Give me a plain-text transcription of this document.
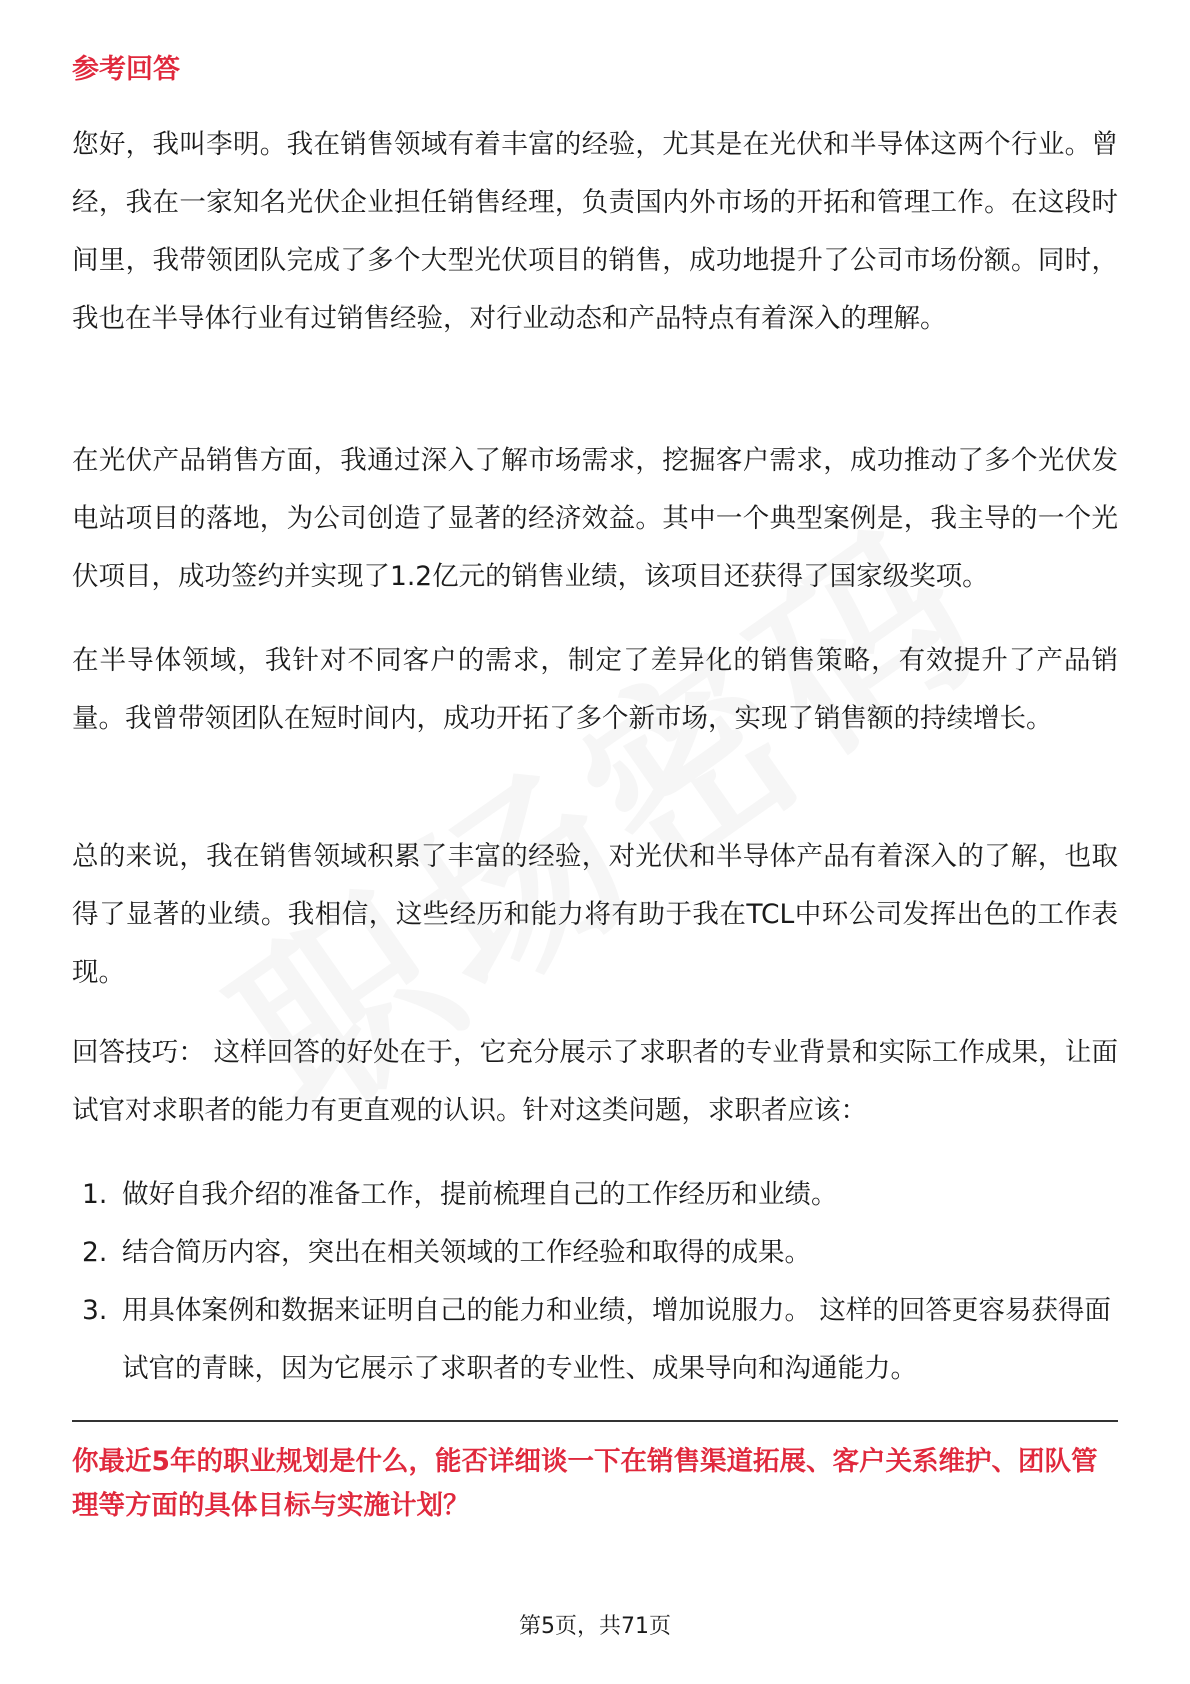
参考回答

您好，我叫李明。我在销售领域有着丰富的经验，尤其是在光伏和半导体这两个行业。曾经，我在一家知名光伏企业担任销售经理，负责国内外市场的开拓和管理工作。在这段时间里，我带领团队完成了多个大型光伏项目的销售，成功地提升了公司市场份额。同时，我也在半导体行业有过销售经验，对行业动态和产品特点有着深入的理解。

在光伏产品销售方面，我通过深入了解市场需求，挖掘客户需求，成功推动了多个光伏发电站项目的落地，为公司创造了显著的经济效益。其中一个典型案例是，我主导的一个光伏项目，成功签约并实现了1.2亿元的销售业绩，该项目还获得了国家级奖项。

在半导体领域，我针对不同客户的需求，制定了差异化的销售策略，有效提升了产品销量。我曾带领团队在短时间内，成功开拓了多个新市场，实现了销售额的持续增长。

总的来说，我在销售领域积累了丰富的经验，对光伏和半导体产品有着深入的了解，也取得了显著的业绩。我相信，这些经历和能力将有助于我在TCL中环公司发挥出色的工作表现。

回答技巧： 这样回答的好处在于，它充分展示了求职者的专业背景和实际工作成果，让面试官对求职者的能力有更直观的认识。针对这类问题，求职者应该：

1. 做好自我介绍的准备工作，提前梳理自己的工作经历和业绩。
2. 结合简历内容，突出在相关领域的工作经验和取得的成果。
3. 用具体案例和数据来证明自己的能力和业绩，增加说服力。 这样的回答更容易获得面试官的青睐，因为它展示了求职者的专业性、成果导向和沟通能力。

你最近5年的职业规划是什么，能否详细谈一下在销售渠道拓展、客户关系维护、团队管理等方面的具体目标与实施计划？

第5页，共71页
